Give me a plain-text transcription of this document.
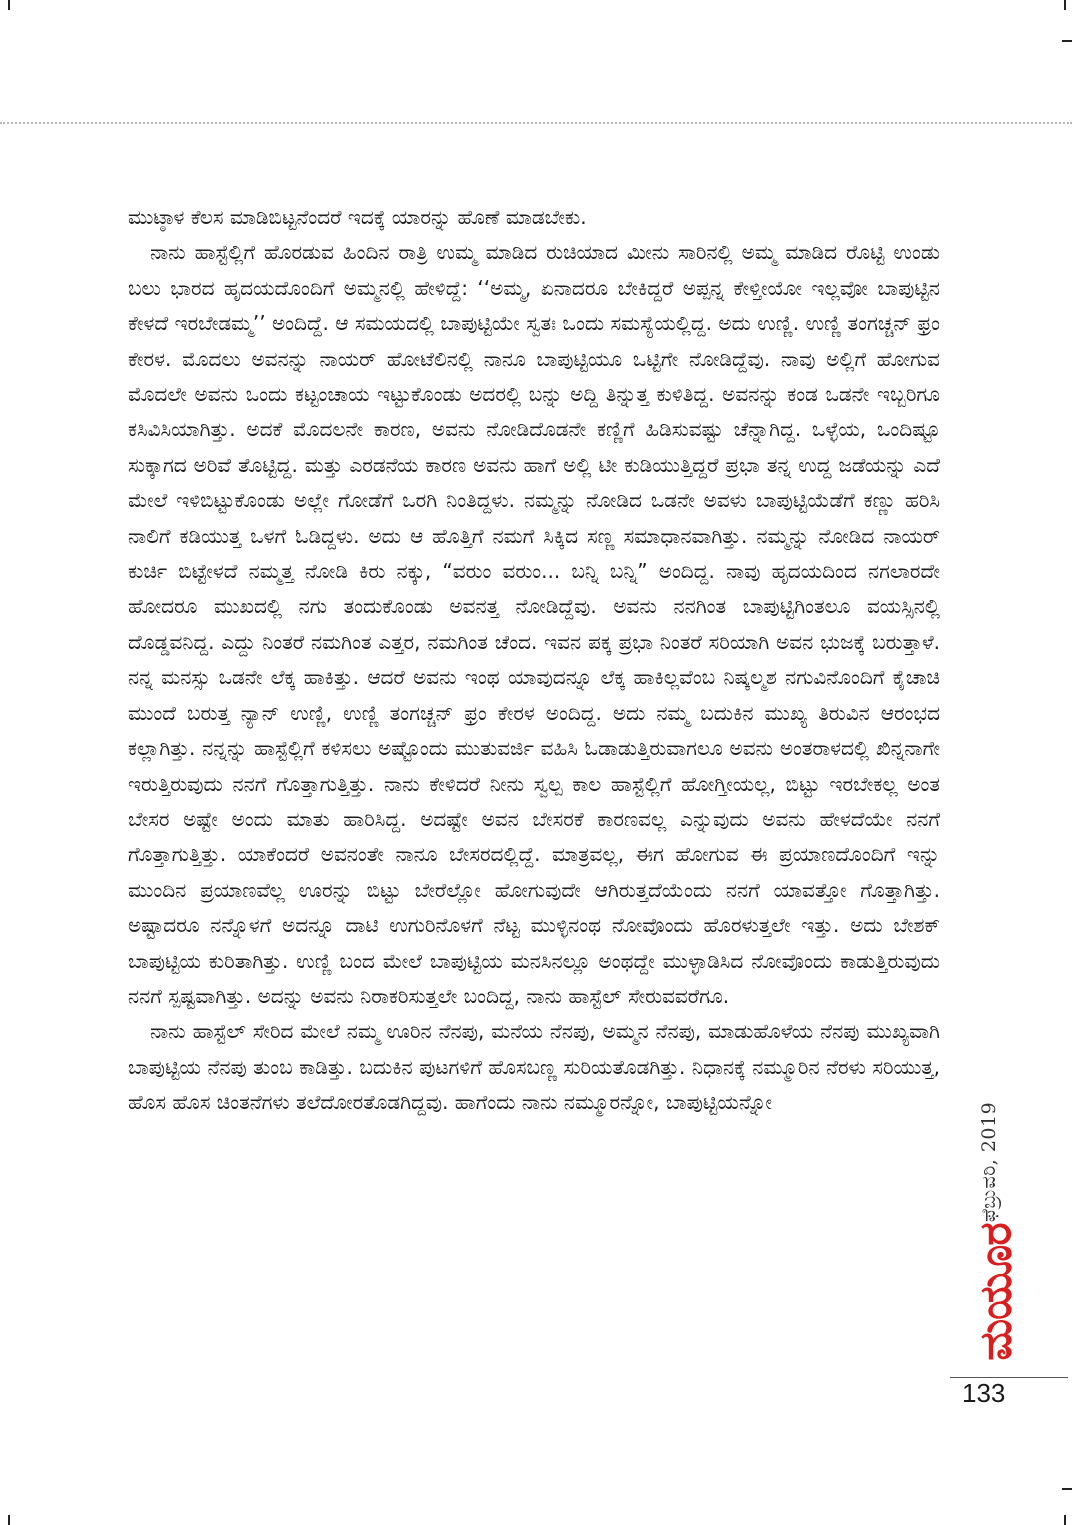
ಮುಟ್ಠಾಳ ಕೆಲಸ ಮಾಡಿಬಿಟ್ಟನೆಂದರೆ ಇದಕ್ಕೆ ಯಾರನ್ನು ಹೊಣೆ ಮಾಡಬೇಕು.

ನಾನು ಹಾಸ್ಟೆಲ್ಲಿಗೆ ಹೊರಡುವ ಹಿಂದಿನ ರಾತ್ರಿ ಉಮ್ಮ ಮಾಡಿದ ರುಚಿಯಾದ ಮೀನು ಸಾರಿನಲ್ಲಿ ಅಮ್ಮ ಮಾಡಿದ ರೊಟ್ಟಿ ಉಂಡು ಬಲು ಭಾರದ ಹೃದಯದೊಂದಿಗೆ ಅಮ್ಮನಲ್ಲಿ ಹೇಳಿದ್ದೆ: ‘‘ಅಮ್ಮ, ಏನಾದರೂ ಬೇಕಿದ್ದರೆ ಅಪ್ಪನ್ನ ಕೇಳ್ತೀಯೋ ಇಲ್ಲವೋ ಬಾಪುಟ್ಟಿನ ಕೇಳದೆ ಇರಬೇಡಮ್ಮ’’ ಅಂದಿದ್ದೆ. ಆ ಸಮಯದಲ್ಲಿ ಬಾಪುಟ್ಟಿಯೇ ಸ್ವತಃ ಒಂದು ಸಮಸ್ಯೆಯಲ್ಲಿದ್ದ. ಅದು ಉಣ್ಣಿ. ಉಣ್ಣಿ ತಂಗಚ್ಚನ್ ಫ್ರಂ ಕೇರಳ. ಮೊದಲು ಅವನನ್ನು ನಾಯರ್ ಹೋಟೆಲಿನಲ್ಲಿ ನಾನೂ ಬಾಪುಟ್ಟಿಯೂ ಒಟ್ಟಿಗೇ ನೋಡಿದ್ದೆವು. ನಾವು ಅಲ್ಲಿಗೆ ಹೋಗುವ ಮೊದಲೇ ಅವನು ಒಂದು ಕಟ್ಟಂಚಾಯ ಇಟ್ಟುಕೊಂಡು ಅದರಲ್ಲಿ ಬನ್ನು ಅದ್ದಿ ತಿನ್ನುತ್ತ ಕುಳಿತಿದ್ದ. ಅವನನ್ನು ಕಂಡ ಒಡನೇ ಇಬ್ಬರಿಗೂ ಕಸಿವಿಸಿಯಾಗಿತ್ತು. ಅದಕೆ ಮೊದಲನೇ ಕಾರಣ, ಅವನು ನೋಡಿದೊಡನೇ ಕಣ್ಣಿಗೆ ಹಿಡಿಸುವಷ್ಟು ಚೆನ್ನಾಗಿದ್ದ. ಒಳ್ಳೆಯ, ಒಂದಿಷ್ಟೂ ಸುಕ್ಕಾಗದ ಅರಿವೆ ತೊಟ್ಟಿದ್ದ. ಮತ್ತು ಎರಡನೆಯ ಕಾರಣ ಅವನು ಹಾಗೆ ಅಲ್ಲಿ ಟೀ ಕುಡಿಯುತ್ತಿದ್ದರೆ ಪ್ರಭಾ ತನ್ನ ಉದ್ದ ಜಡೆಯನ್ನು ಎದೆ ಮೇಲೆ ಇಳಿಬಿಟ್ಟುಕೊಂಡು ಅಲ್ಲೇ ಗೋಡೆಗೆ ಒರಗಿ ನಿಂತಿದ್ದಳು. ನಮ್ಮನ್ನು ನೋಡಿದ ಒಡನೇ ಅವಳು ಬಾಪುಟ್ಟಿಯೆಡೆಗೆ ಕಣ್ಣು ಹರಿಸಿ ನಾಲಿಗೆ ಕಡಿಯುತ್ತ ಒಳಗೆ ಓಡಿದ್ದಳು. ಅದು ಆ ಹೊತ್ತಿಗೆ ನಮಗೆ ಸಿಕ್ಕಿದ ಸಣ್ಣ ಸಮಾಧಾನವಾಗಿತ್ತು. ನಮ್ಮನ್ನು ನೋಡಿದ ನಾಯರ್ ಕುರ್ಚಿ ಬಿಟ್ಟೇಳದೆ ನಮ್ಮತ್ತ ನೋಡಿ ಕಿರು ನಕ್ಕು, “ವರುಂ ವರುಂ... ಬನ್ನಿ ಬನ್ನಿ” ಅಂದಿದ್ದ. ನಾವು ಹೃದಯದಿಂದ ನಗಲಾರದೇ ಹೋದರೂ ಮುಖದಲ್ಲಿ ನಗು ತಂದುಕೊಂಡು ಅವನತ್ತ ನೋಡಿದ್ದೆವು. ಅವನು ನನಗಿಂತ ಬಾಪುಟ್ಟಿಗಿಂತಲೂ ವಯಸ್ಸಿನಲ್ಲಿ ದೊಡ್ಡವನಿದ್ದ. ಎದ್ದು ನಿಂತರೆ ನಮಗಿಂತ ಎತ್ತರ, ನಮಗಿಂತ ಚೆಂದ. ಇವನ ಪಕ್ಕ ಪ್ರಭಾ ನಿಂತರೆ ಸರಿಯಾಗಿ ಅವನ ಭುಜಕ್ಕೆ ಬರುತ್ತಾಳೆ. ನನ್ನ ಮನಸ್ಸು ಒಡನೇ ಲೆಕ್ಕ ಹಾಕಿತ್ತು. ಆದರೆ ಅವನು ಇಂಥ ಯಾವುದನ್ನೂ ಲೆಕ್ಕ ಹಾಕಿಲ್ಲವೆಂಬ ನಿಷ್ಕಲ್ಮಶ ನಗುವಿನೊಂದಿಗೆ ಕೈಚಾಚಿ ಮುಂದೆ ಬರುತ್ತ ನ್ಯಾನ್ ಉಣ್ಣಿ, ಉಣ್ಣಿ ತಂಗಚ್ಚನ್ ಫ್ರಂ ಕೇರಳ ಅಂದಿದ್ದ. ಅದು ನಮ್ಮ ಬದುಕಿನ ಮುಖ್ಯ ತಿರುವಿನ ಆರಂಭದ ಕಲ್ಲಾಗಿತ್ತು. ನನ್ನನ್ನು ಹಾಸ್ಟೆಲ್ಲಿಗೆ ಕಳಿಸಲು ಅಷ್ಟೊಂದು ಮುತುವರ್ಜಿ ವಹಿಸಿ ಓಡಾಡುತ್ತಿರುವಾಗಲೂ ಅವನು ಅಂತರಾಳದಲ್ಲಿ ಖಿನ್ನನಾಗೇ ಇರುತ್ತಿರುವುದು ನನಗೆ ಗೊತ್ತಾಗುತ್ತಿತ್ತು. ನಾನು ಕೇಳಿದರೆ ನೀನು ಸ್ವಲ್ಪ ಕಾಲ ಹಾಸ್ಟೆಲ್ಲಿಗೆ ಹೋಗ್ತೀಯಲ್ಲ, ಬಿಟ್ಟು ಇರಬೇಕಲ್ಲ ಅಂತ ಬೇಸರ ಅಷ್ಟೇ ಅಂದು ಮಾತು ಹಾರಿಸಿದ್ದ. ಅದಷ್ಟೇ ಅವನ ಬೇಸರಕೆ ಕಾರಣವಲ್ಲ ಎನ್ನುವುದು ಅವನು ಹೇಳದೆಯೇ ನನಗೆ ಗೊತ್ತಾಗುತ್ತಿತ್ತು. ಯಾಕೆಂದರೆ ಅವನಂತೇ ನಾನೂ ಬೇಸರದಲ್ಲಿದ್ದೆ. ಮಾತ್ರವಲ್ಲ, ಈಗ ಹೋಗುವ ಈ ಪ್ರಯಾಣದೊಂದಿಗೆ ಇನ್ನು ಮುಂದಿನ ಪ್ರಯಾಣವೆಲ್ಲ ಊರನ್ನು ಬಿಟ್ಟು ಬೇರೆಲ್ಲೋ ಹೋಗುವುದೇ ಆಗಿರುತ್ತದೆಯೆಂದು ನನಗೆ ಯಾವತ್ತೋ ಗೊತ್ತಾಗಿತ್ತು. ಅಷ್ಟಾದರೂ ನನ್ನೊಳಗೆ ಅದನ್ನೂ ದಾಟಿ ಉಗುರಿನೊಳಗೆ ನೆಟ್ಟ ಮುಳ್ಳಿನಂಥ ನೋವೊಂದು ಹೊರಳುತ್ತಲೇ ಇತ್ತು. ಅದು ಬೇಶಕ್ ಬಾಪುಟ್ಟಿಯ ಕುರಿತಾಗಿತ್ತು. ಉಣ್ಣಿ ಬಂದ ಮೇಲೆ ಬಾಪುಟ್ಟಿಯ ಮನಸಿನಲ್ಲೂ ಅಂಥದ್ದೇ ಮುಳ್ಳಾಡಿಸಿದ ನೋವೊಂದು ಕಾಡುತ್ತಿರುವುದು ನನಗೆ ಸ್ಪಷ್ಟವಾಗಿತ್ತು. ಅದನ್ನು ಅವನು ನಿರಾಕರಿಸುತ್ತಲೇ ಬಂದಿದ್ದ, ನಾನು ಹಾಸ್ಟೆಲ್ ಸೇರುವವರೆಗೂ.

ನಾನು ಹಾಸ್ಟೆಲ್ ಸೇರಿದ ಮೇಲೆ ನಮ್ಮ ಊರಿನ ನೆನಪು, ಮನೆಯ ನೆನಪು, ಅಮ್ಮನ ನೆನಪು, ಮಾಡುಹೊಳೆಯ ನೆನಪು ಮುಖ್ಯವಾಗಿ ಬಾಪುಟ್ಟಿಯ ನೆನಪು ತುಂಬ ಕಾಡಿತ್ತು. ಬದುಕಿನ ಪುಟಗಳಿಗೆ ಹೊಸಬಣ್ಣ ಸುರಿಯತೊಡಗಿತ್ತು. ನಿಧಾನಕ್ಕೆ ನಮ್ಮೂರಿನ ನೆರಳು ಸರಿಯುತ್ತ, ಹೊಸ ಹೊಸ ಚಿಂತನೆಗಳು ತಲೆದೋರತೊಡಗಿದ್ದವು. ಹಾಗೆಂದು ನಾನು ನಮ್ಮೂರನ್ನೋ, ಬಾಪುಟ್ಟಿಯನ್ನೋ	ಫೆಬ್ರುವರಿ, 2019
ಮಯೂರ
133
